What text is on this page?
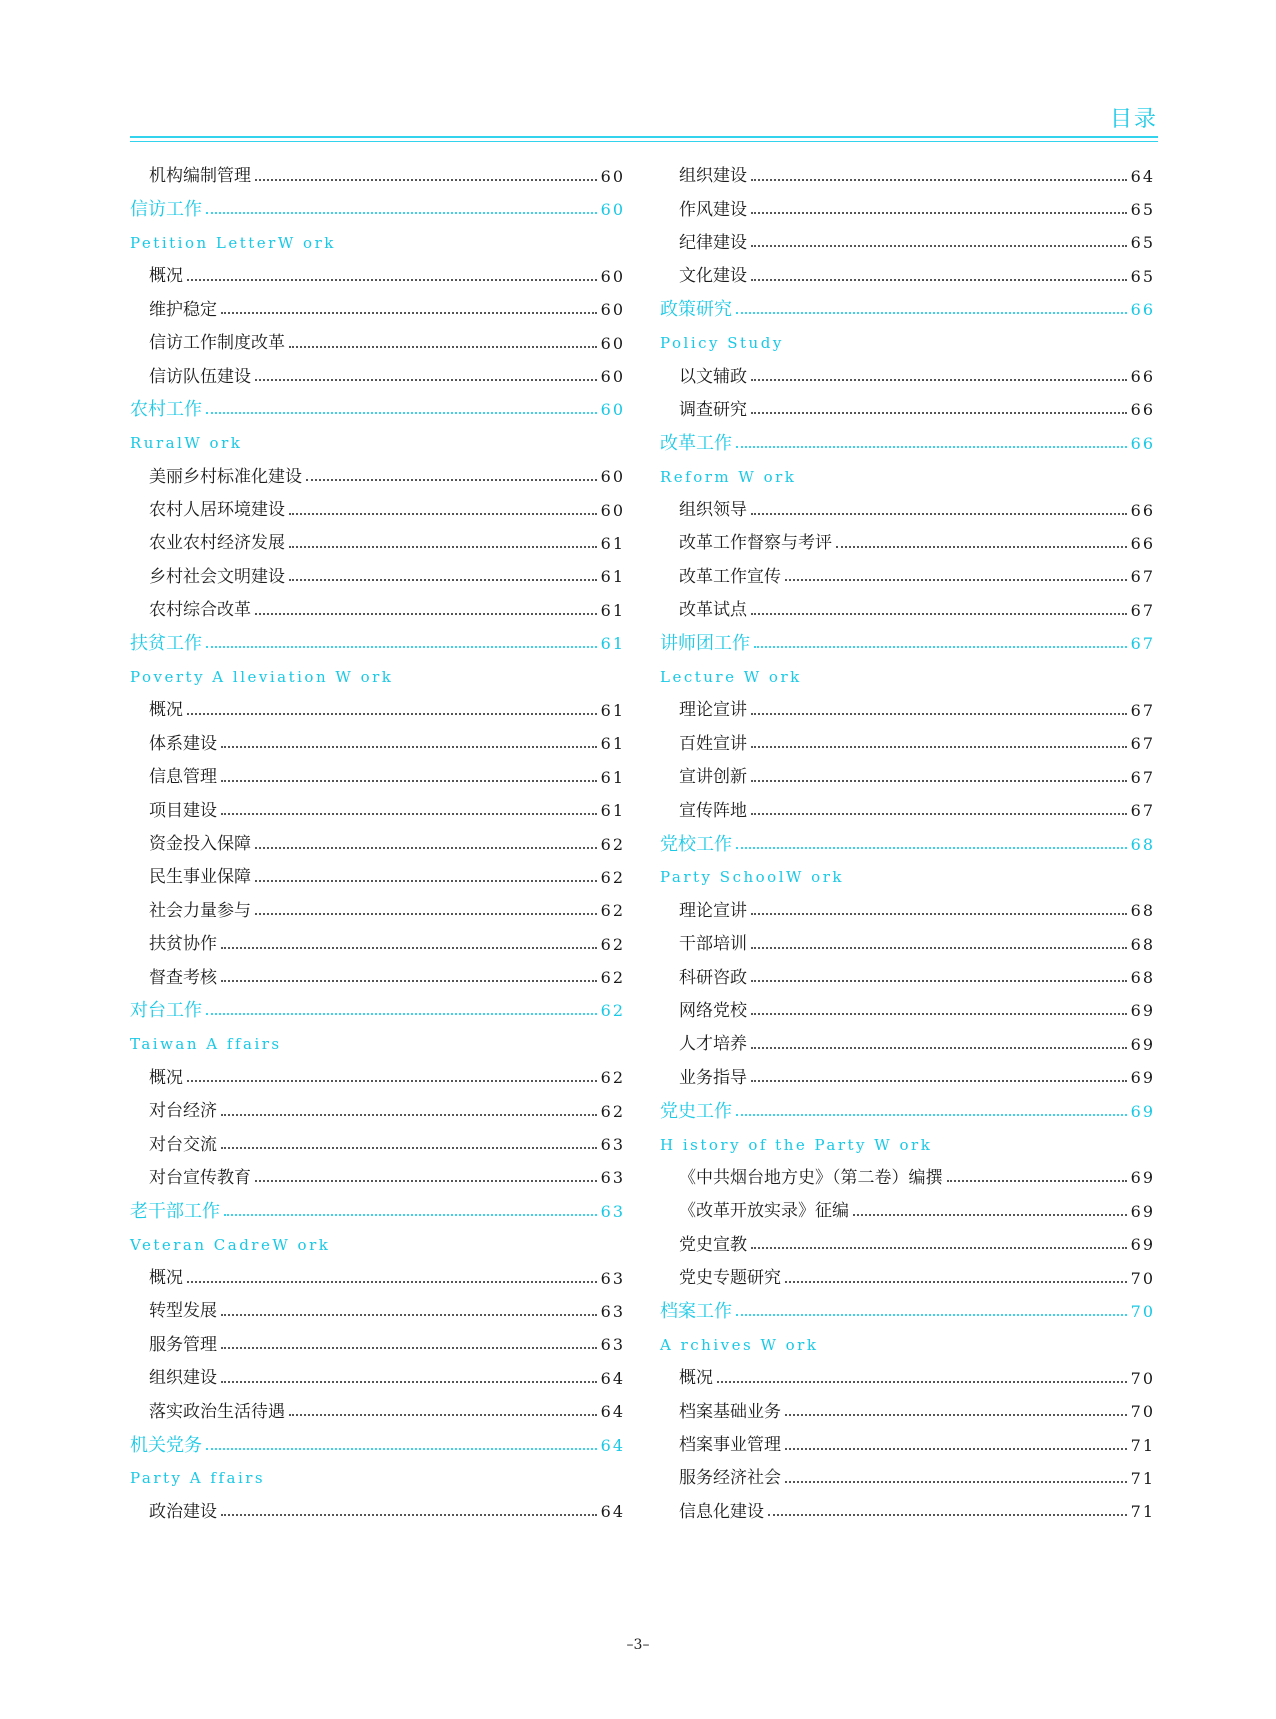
目录
机构编制管理	60
信访工作	60
Petition LetterW ork
概况	60
维护稳定	60
信访工作制度改革	60
信访队伍建设	60
农村工作	60
RuralW ork
美丽乡村标准化建设	60
农村人居环境建设	60
农业农村经济发展	61
乡村社会文明建设	61
农村综合改革	61
扶贫工作	61
Poverty A lleviation W ork
概况	61
体系建设	61
信息管理	61
项目建设	61
资金投入保障	62
民生事业保障	62
社会力量参与	62
扶贫协作	62
督查考核	62
对台工作	62
Taiwan A ffairs
概况	62
对台经济	62
对台交流	63
对台宣传教育	63
老干部工作	63
Veteran CadreW ork
概况	63
转型发展	63
服务管理	63
组织建设	64
落实政治生活待遇	64
机关党务	64
Party A ffairs
政治建设	64
组织建设	64
作风建设	65
纪律建设	65
文化建设	65
政策研究	66
Policy Study
以文辅政	66
调查研究	66
改革工作	66
Reform W ork
组织领导	66
改革工作督察与考评	66
改革工作宣传	67
改革试点	67
讲师团工作	67
Lecture W ork
理论宣讲	67
百姓宣讲	67
宣讲创新	67
宣传阵地	67
党校工作	68
Party SchoolW ork
理论宣讲	68
干部培训	68
科研咨政	68
网络党校	69
人才培养	69
业务指导	69
党史工作	69
H istory of the Party W ork
《中共烟台地方史》（第二卷）编撰	69
《改革开放实录》征编	69
党史宣教	69
党史专题研究	70
档案工作	70
A rchives W ork
概况	70
档案基础业务	70
档案事业管理	71
服务经济社会	71
信息化建设	71
–3–
